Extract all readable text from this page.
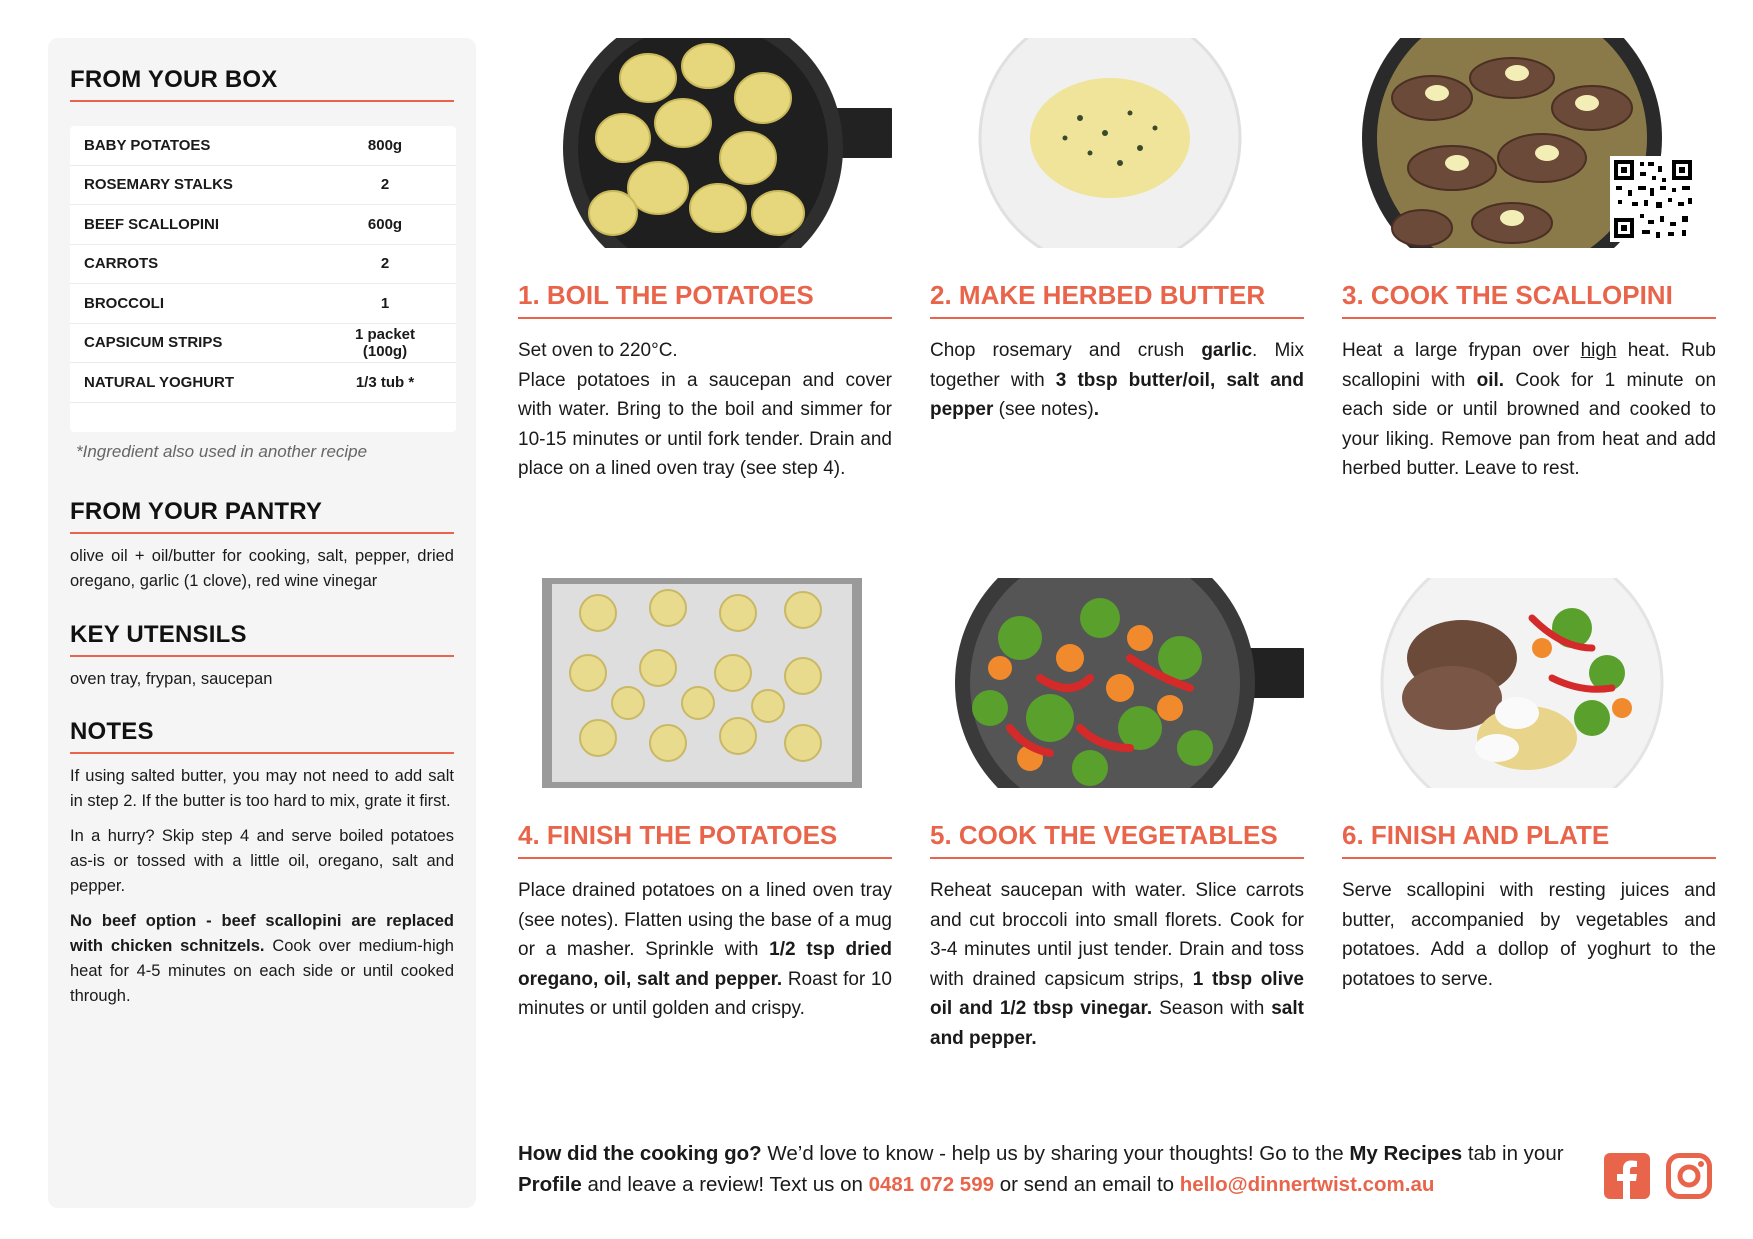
FROM YOUR BOX
BABY POTATOES	800g
ROSEMARY STALKS	2
BEEF SCALLOPINI	600g
CARROTS	2
BROCCOLI	1
CAPSICUM STRIPS	1 packet (100g)
NATURAL YOGHURT	1/3 tub *
*Ingredient also used in another recipe
FROM YOUR PANTRY

olive oil + oil/butter for cooking, salt, pepper, dried oregano, garlic (1 clove), red wine vinegar

KEY UTENSILS

oven tray, frypan, saucepan

NOTES

If using salted butter, you may not need to add salt in step 2. If the butter is too hard to mix, grate it first.

In a hurry? Skip step 4 and serve boiled potatoes as-is or tossed with a little oil, oregano, salt and pepper.

No beef option - beef scallopini are replaced with chicken schnitzels. Cook over medium-high heat for 4-5 minutes on each side or until cooked through.

1. BOIL THE POTATOES

Set oven to 220°C.
Place potatoes in a saucepan and cover with water. Bring to the boil and simmer for 10-15 minutes or until fork tender. Drain and place on a lined oven tray (see step 4).

2. MAKE HERBED BUTTER

Chop rosemary and crush garlic. Mix together with 3 tbsp butter/oil, salt and pepper (see notes).

3. COOK THE SCALLOPINI

Heat a large frypan over high heat. Rub scallopini with oil. Cook for 1 minute on each side or until browned and cooked to your liking. Remove pan from heat and add herbed butter. Leave to rest.

4. FINISH THE POTATOES

Place drained potatoes on a lined oven tray (see notes). Flatten using the base of a mug or a masher. Sprinkle with 1/2 tsp dried oregano, oil, salt and pepper. Roast for 10 minutes or until golden and crispy.

5. COOK THE VEGETABLES

Reheat saucepan with water. Slice carrots and cut broccoli into small florets. Cook for 3-4 minutes until just tender. Drain and toss with drained capsicum strips, 1 tbsp olive oil and 1/2 tbsp vinegar. Season with salt and pepper.

6. FINISH AND PLATE

Serve scallopini with resting juices and butter, accompanied by vegetables and potatoes. Add a dollop of yoghurt to the potatoes to serve.

How did the cooking go? We’d love to know - help us by sharing your thoughts! Go to the My Recipes tab in your Profile and leave a review! Text us on 0481 072 599 or send an email to hello@dinnertwist.com.au
